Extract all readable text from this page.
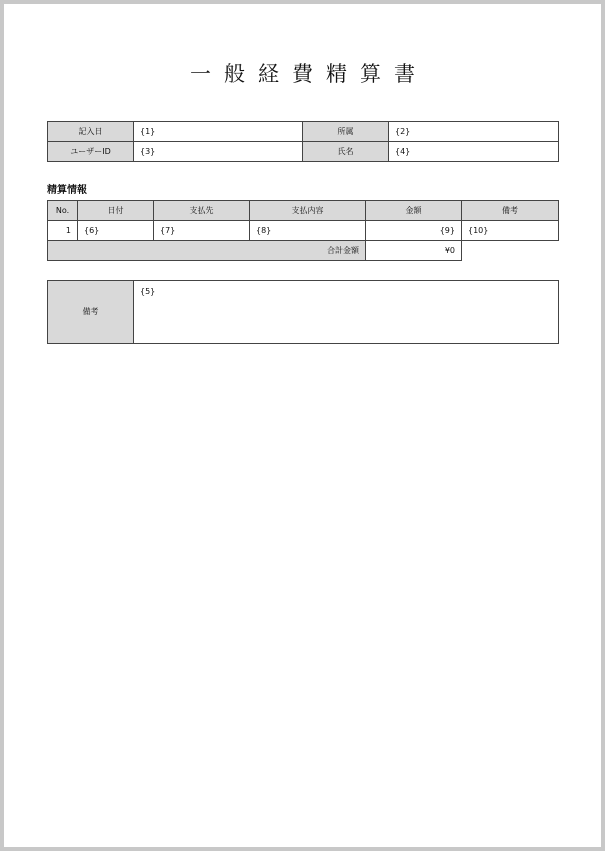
一般経費精算書
記入日	{1}	所属	{2}
ユーザーID	{3}	氏名	{4}
精算情報
No.	日付	支払先	支払内容	金額	備考
1	{6}	{7}	{8}	{9}	{10}
合計金額				¥0	
備考	{5}
